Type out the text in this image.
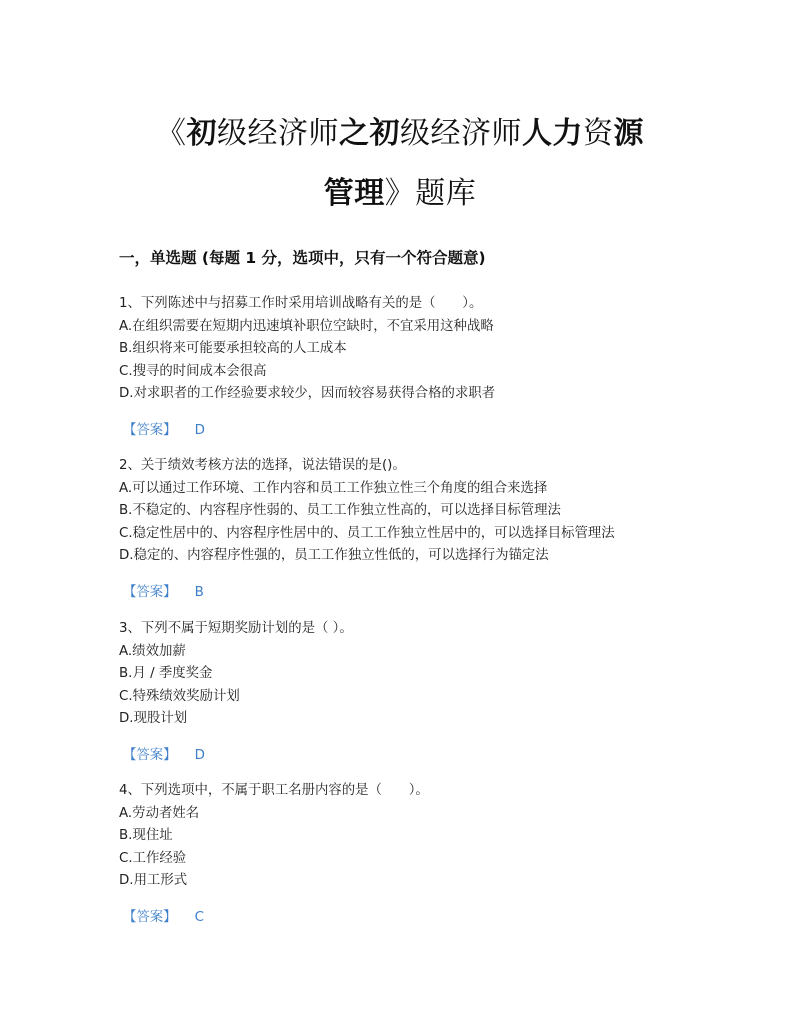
《初级经济师之初级经济师人力资源
管理》题库
一，单选题 (每题 1 分，选项中，只有一个符合题意)
1、下列陈述中与招募工作时采用培训战略有关的是（　　）。
A.在组织需要在短期内迅速填补职位空缺时，不宜采用这种战略
B.组织将来可能要承担较高的人工成本
C.搜寻的时间成本会很高
D.对求职者的工作经验要求较少，因而较容易获得合格的求职者
【答案】 D
2、关于绩效考核方法的选择，说法错误的是()。
A.可以通过工作环境、工作内容和员工工作独立性三个角度的组合来选择
B.不稳定的、内容程序性弱的、员工工作独立性高的，可以选择目标管理法
C.稳定性居中的、内容程序性居中的、员工工作独立性居中的，可以选择目标管理法
D.稳定的、内容程序性强的，员工工作独立性低的，可以选择行为锚定法
【答案】 B
3、下列不属于短期奖励计划的是（ ）。
A.绩效加薪
B.月 / 季度奖金
C.特殊绩效奖励计划
D.现股计划
【答案】 D
4、下列选项中，不属于职工名册内容的是（　　）。
A.劳动者姓名
B.现住址
C.工作经验
D.用工形式
【答案】 C
